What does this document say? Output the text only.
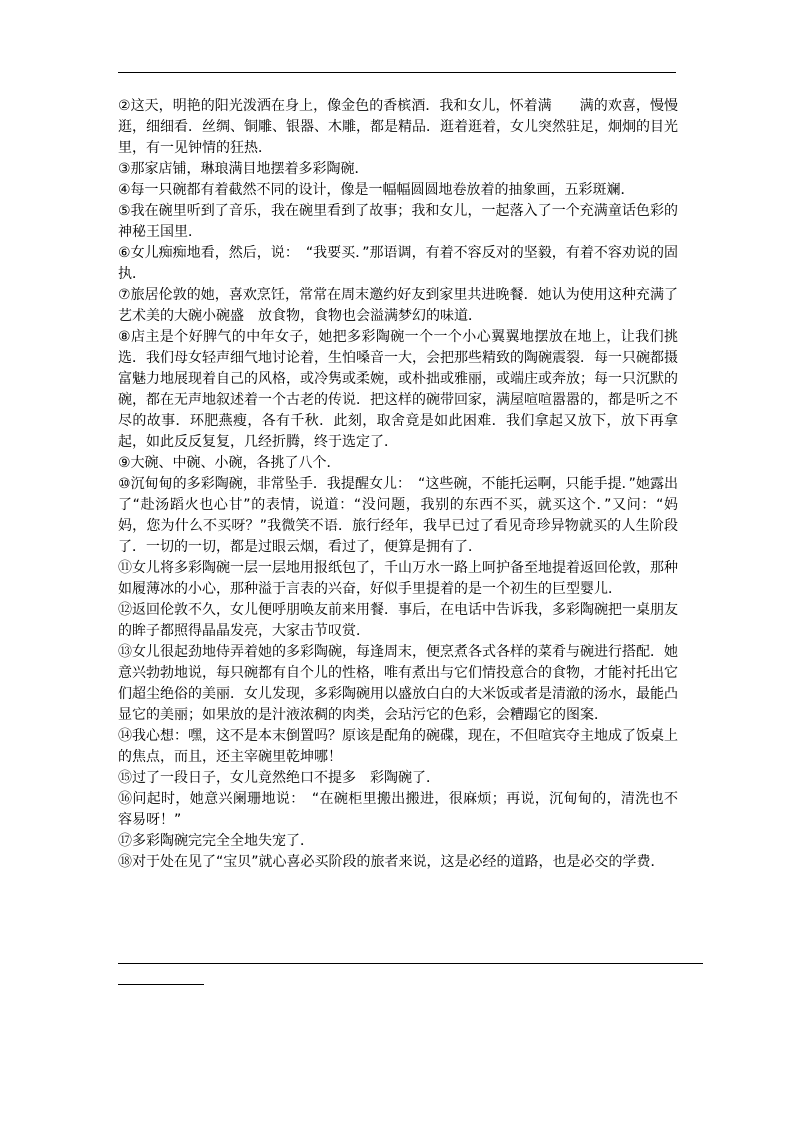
②这天，明艳的阳光泼洒在身上，像金色的香槟酒．我和女儿，怀着满　　满的欢喜，慢慢逛，细细看．丝绸、铜雕、银器、木雕，都是精品．逛着逛着，女儿突然驻足，炯炯的目光里，有一见钟情的狂热．

③那家店铺，琳琅满目地摆着多彩陶碗．

④每一只碗都有着截然不同的设计，像是一幅幅圆圆地卷放着的抽象画，五彩斑斓．

⑤我在碗里听到了音乐，我在碗里看到了故事；我和女儿，一起落入了一个充满童话色彩的神秘王国里．

⑥女儿痴痴地看，然后，说：　“我要买．”那语调，有着不容反对的坚毅，有着不容劝说的固执．

⑦旅居伦敦的她，喜欢烹饪，常常在周末邀约好友到家里共进晚餐．她认为使用这种充满了艺术美的大碗小碗盛　放食物，食物也会溢满梦幻的味道．

⑧店主是个好脾气的中年女子，她把多彩陶碗一个一个小心翼翼地摆放在地上，让我们挑选．我们母女轻声细气地讨论着，生怕嗓音一大，会把那些精致的陶碗震裂．每一只碗都摄富魅力地展现着自己的风格，或冷隽或柔婉，或朴拙或雅丽，或端庄或奔放；每一只沉默的碗，都在无声地叙述着一个古老的传说．把这样的碗带回家，满屋喧喧嚣嚣的，都是听之不尽的故事．环肥燕瘦，各有千秋．此刻，取舍竟是如此困难．我们拿起又放下，放下再拿起，如此反反复复，几经折腾，终于选定了．

⑨大碗、中碗、小碗，各挑了八个．

⑩沉甸甸的多彩陶碗，非常坠手．我提醒女儿：　“这些碗，不能托运啊，只能手提．”她露出了“赴汤蹈火也心甘”的表情，说道：“没问题，我别的东西不买，就买这个．”又问：“妈妈，您为什么不买呀？”我微笑不语．旅行经年，我早已过了看见奇珍异物就买的人生阶段了．一切的一切，都是过眼云烟，看过了，便算是拥有了．

⑪女儿将多彩陶碗一层一层地用报纸包了，千山万水一路上呵护备至地提着返回伦敦，那种如履薄冰的小心，那种溢于言表的兴奋，好似手里提着的是一个初生的巨型婴儿．

⑫返回伦敦不久，女儿便呼朋唤友前来用餐．事后，在电话中告诉我，多彩陶碗把一桌朋友的眸子都照得晶晶发亮，大家击节叹赏．

⑬女儿很起劲地侍弄着她的多彩陶碗，每逢周末，便烹煮各式各样的菜肴与碗进行搭配．她意兴勃勃地说，每只碗都有自个儿的性格，唯有煮出与它们情投意合的食物，才能衬托出它们超尘绝俗的美丽．女儿发现，多彩陶碗用以盛放白白的大米饭或者是清澈的汤水，最能凸显它的美丽；如果放的是汁液浓稠的肉类，会玷污它的色彩，会糟蹋它的图案．

⑭我心想：嘿，这不是本末倒置吗？原该是配角的碗碟，现在，不但喧宾夺主地成了饭桌上的焦点，而且，还主宰碗里乾坤哪！

⑮过了一段日子，女儿竟然绝口不提多　彩陶碗了．

⑯问起时，她意兴阑珊地说：　“在碗柜里搬出搬进，很麻烦；再说，沉甸甸的，清洗也不容易呀！”

⑰多彩陶碗完完全全地失宠了．

⑱对于处在见了“宝贝”就心喜必买阶段的旅者来说，这是必经的道路，也是必交的学费．
